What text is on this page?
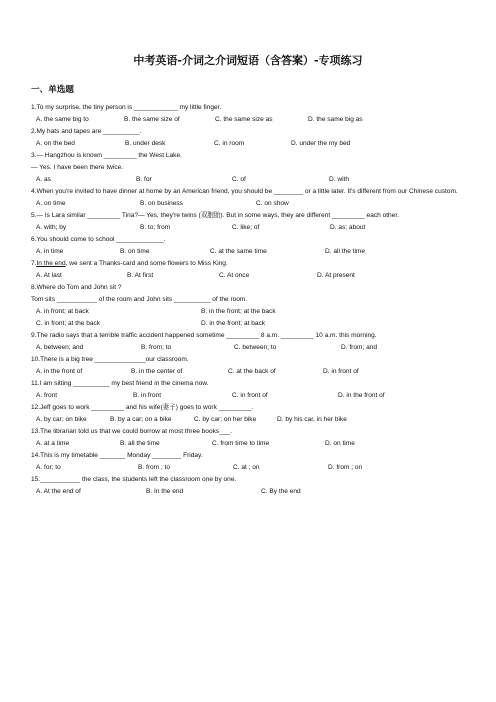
中考英语-介词之介词短语（含答案）-专项练习
一、单选题
1.To my surprise, the tiny person is ____________ my little finger.
A. the same big to	B. the same size of	C. the same size as	D. the same big as
2.My hats and tapes are __________.
A. on the bed	B. under desk	C. in room	D. under the my bed
3.— Hangzhou is known _________ the West Lake.
— Yes. I have been there twice.
A. as	B. for	C. of	D. with
4.When you're invited to have dinner at home by an American friend, you should be ________ or a little later. It's different from our Chinese custom.
A. on time	B. on business	C. on show
5.— Is Lara similar _________ Tina?— Yes, they're twins (双胞胎). But in some ways, they are different _________ each other.
A. with; by	B. to; from	C. like; of	D. as; about
6.You should come to school _____________.
A. in time	B. on time	C. at the same time	D. all the time
7.In the end, we sent a Thanks-card and some flowers to Miss King.
A. At last	B. At first	C. At once	D. At present
8.Where do Tom and John sit ?
Tom sits ___________ of the room and John sits __________ of the room.
A. in front; at back	B. in the front; at the back
C. in front; at the back	D. in the front; at back
9.The radio says that a terrible traffic accident happened sometime _________ 8 a.m. _________ 10 a.m. this morning.
A. between; and	B. from; to	C. between; to	D. from; and
10.There is a big tree ______________our classroom.
A. in the front of	B. in the center of	C. at the back of	D. in front of
11.I am sitting __________ my best friend in the cinema now.
A. front	B. in front	C. in front of	D. in the front of
12.Jeff goes to work _________ and his wife(妻子) goes to work _________.
A. by car; on bike	B. by a car; on a bike	C. by car; on her bike	D. by his car, in her bike
13.The librarian told us that we could borrow at most three books___.
A. at a time	B. all the time	C. from time to time	D. on time
14.This is my timetable _______ Monday ________ Friday.
A. for; to	B. from ; to	C. at ; on	D. from ; on
15.___________ the class, the students left the classroom one by one.
A. At the end of	B. In the end	C. By the end
